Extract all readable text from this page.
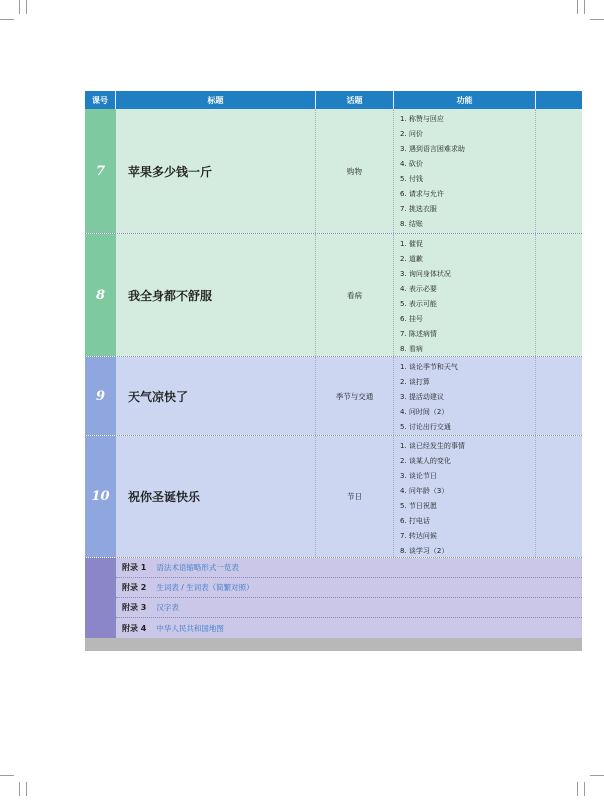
课号	标题	话题	功能
7	苹果多少钱一斤	购物
1. 称赞与回应
2. 问价
3. 遇到语言困难求助
4. 砍价
5. 付钱
6. 请求与允许
7. 挑选衣服
8. 结账
8	我全身都不舒服	看病
1. 催促
2. 道歉
3. 询问身体状况
4. 表示必要
5. 表示可能
6. 挂号
7. 陈述病情
8. 看病
9	天气凉快了	季节与交通
1. 谈论季节和天气
2. 谈打算
3. 提活动建议
4. 问时间（2）
5. 讨论出行交通
10	祝你圣诞快乐	节日
1. 谈已经发生的事情
2. 谈某人的变化
3. 谈论节日
4. 问年龄（3）
5. 节日祝愿
6. 打电话
7. 转达问候
8. 谈学习（2）
附录 1 语法术语缩略形式一览表
附录 2 生词表 / 生词表（简繁对照）
附录 3 汉字表
附录 4 中华人民共和国地图
